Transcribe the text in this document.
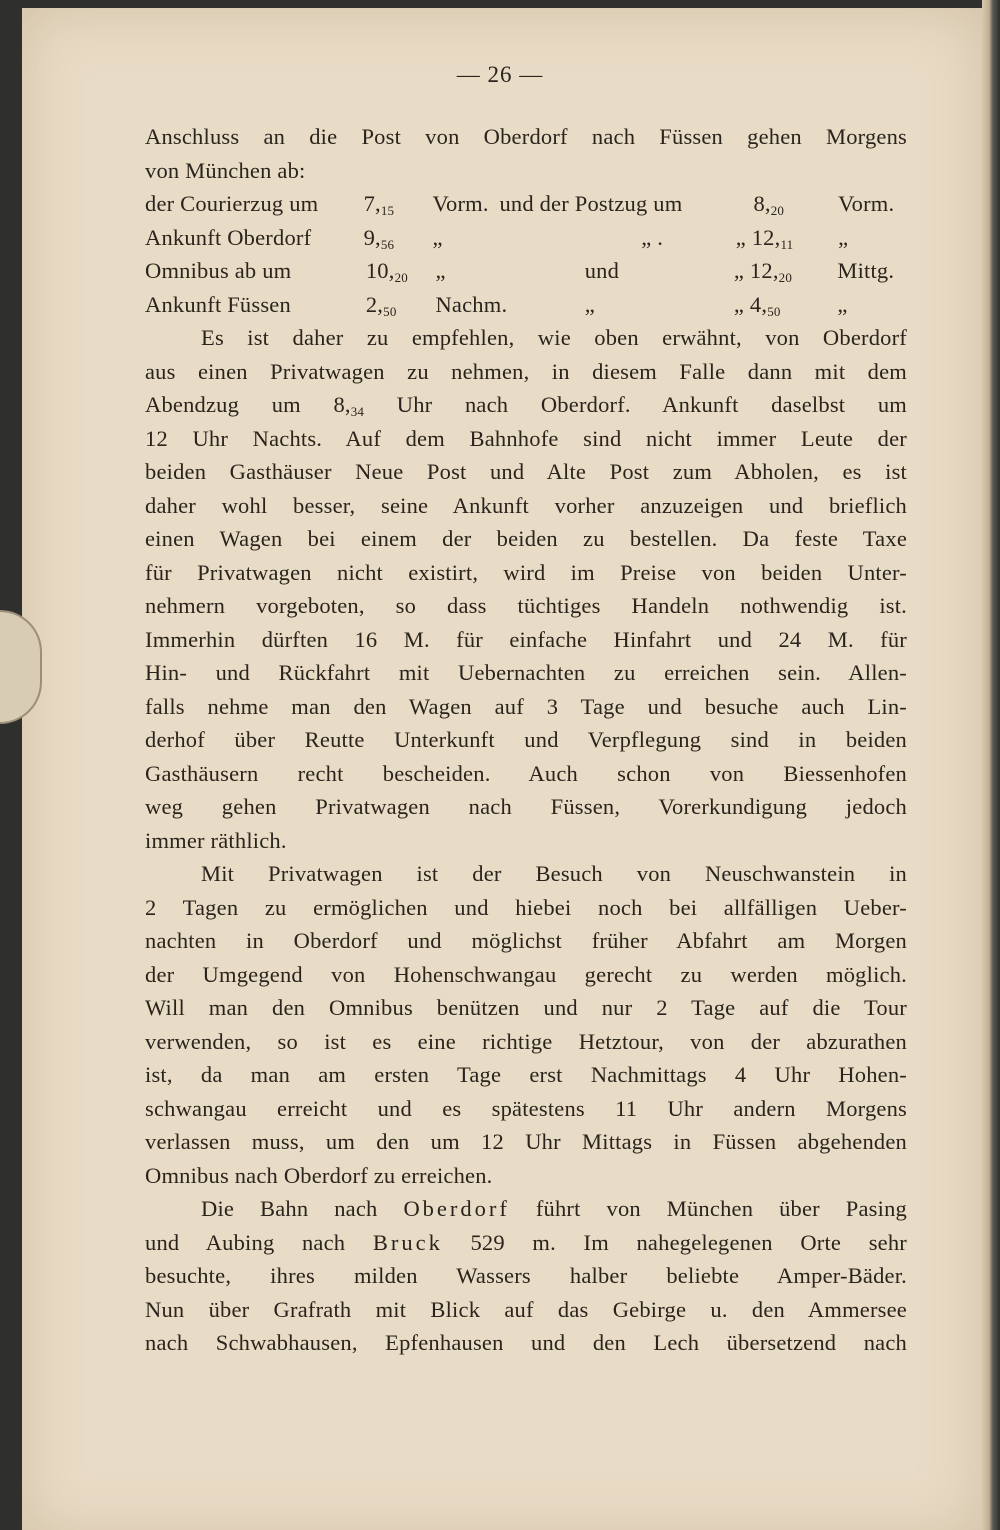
— 26 —
Anschluss an die Post von Oberdorf nach Füssen gehen Morgens
von München ab:
der Courierzug um	$7,_{15}$	Vorm. und der Postzug um	$8,_{20}$	Vorm.
Ankunft Oberdorf	$9,_{56}$	„	„ .	„ $12,_{11}$	„
Omnibus ab um	$10,_{20}$	„	und	„ $12,_{20}$	Mittg.
Ankunft Füssen	$2,_{50}$	Nachm.	„	„ $4,_{50}$	„
Es ist daher zu empfehlen, wie oben erwähnt, von Oberdorf
aus einen Privatwagen zu nehmen, in diesem Falle dann mit dem
Abendzug um $8,_{34}$ Uhr nach Oberdorf. Ankunft daselbst um
12 Uhr Nachts. Auf dem Bahnhofe sind nicht immer Leute der
beiden Gasthäuser Neue Post und Alte Post zum Abholen, es ist
daher wohl besser, seine Ankunft vorher anzuzeigen und brieflich
einen Wagen bei einem der beiden zu bestellen. Da feste Taxe
für Privatwagen nicht existirt, wird im Preise von beiden Unter-
nehmern vorgeboten, so dass tüchtiges Handeln nothwendig ist.
Immerhin dürften 16 M. für einfache Hinfahrt und 24 M. für
Hin- und Rückfahrt mit Uebernachten zu erreichen sein. Allen-
falls nehme man den Wagen auf 3 Tage und besuche auch Lin-
derhof über Reutte Unterkunft und Verpflegung sind in beiden
Gasthäusern recht bescheiden. Auch schon von Biessenhofen
weg gehen Privatwagen nach Füssen, Vorerkundigung jedoch
immer räthlich.
Mit Privatwagen ist der Besuch von Neuschwanstein in
2 Tagen zu ermöglichen und hiebei noch bei allfälligen Ueber-
nachten in Oberdorf und möglichst früher Abfahrt am Morgen
der Umgegend von Hohenschwangau gerecht zu werden möglich.
Will man den Omnibus benützen und nur 2 Tage auf die Tour
verwenden, so ist es eine richtige Hetztour, von der abzurathen
ist, da man am ersten Tage erst Nachmittags 4 Uhr Hohen-
schwangau erreicht und es spätestens 11 Uhr andern Morgens
verlassen muss, um den um 12 Uhr Mittags in Füssen abgehenden
Omnibus nach Oberdorf zu erreichen.
Die Bahn nach Oberdorf führt von München über Pasing
und Aubing nach Bruck 529 m. Im nahegelegenen Orte sehr
besuchte, ihres milden Wassers halber beliebte Amper-Bäder.
Nun über Grafrath mit Blick auf das Gebirge u. den Ammersee
nach Schwabhausen, Epfenhausen und den Lech übersetzend nach
